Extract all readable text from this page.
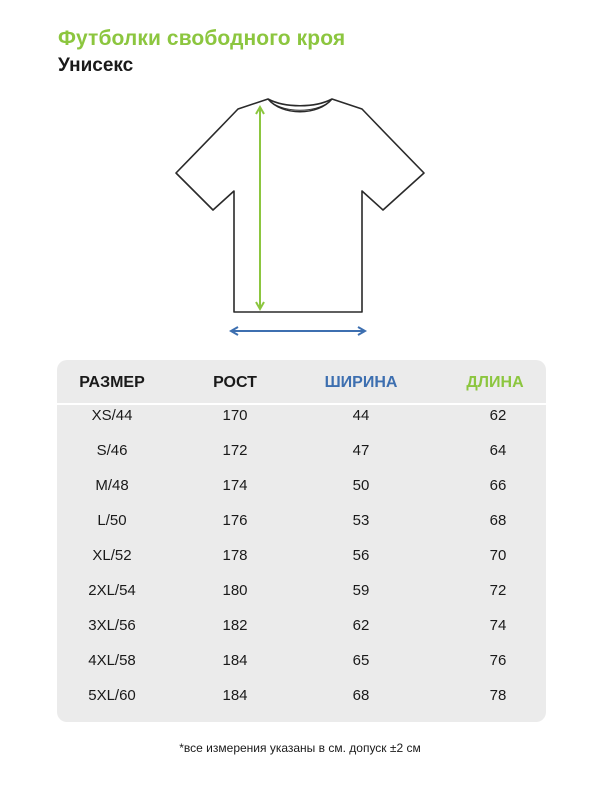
Футболки свободного кроя
Унисекс
РАЗМЕР	РОСТ	ШИРИНА	ДЛИНА
XS/44	170	44	62
S/46	172	47	64
M/48	174	50	66
L/50	176	53	68
XL/52	178	56	70
2XL/54	180	59	72
3XL/56	182	62	74
4XL/58	184	65	76
5XL/60	184	68	78
*все измерения указаны в см. допуск ±2 см
